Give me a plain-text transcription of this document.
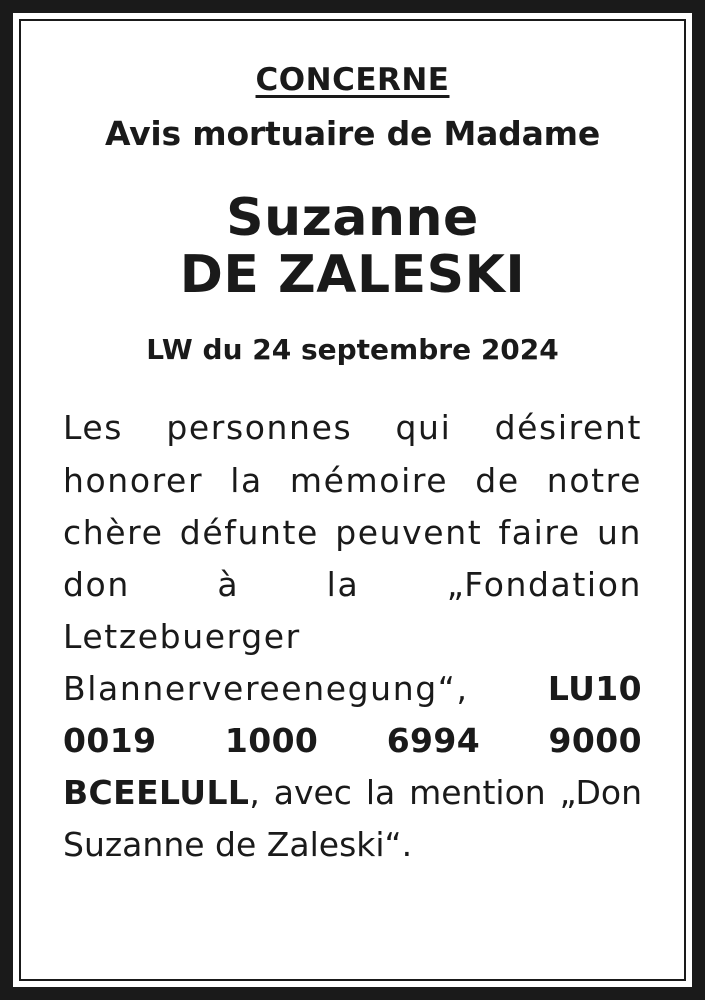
CONCERNE
Avis mortuaire de Madame
Suzanne
DE ZALESKI
LW du 24 septembre 2024
Les personnes qui désirent honorer la mémoire de notre chère défunte peuvent faire un don à la „Fondation Letzebuerger Blannervereenegung“, LU10 0019 1000 6994 9000 BCEELULL, avec la mention „Don Suzanne de Zaleski“.
